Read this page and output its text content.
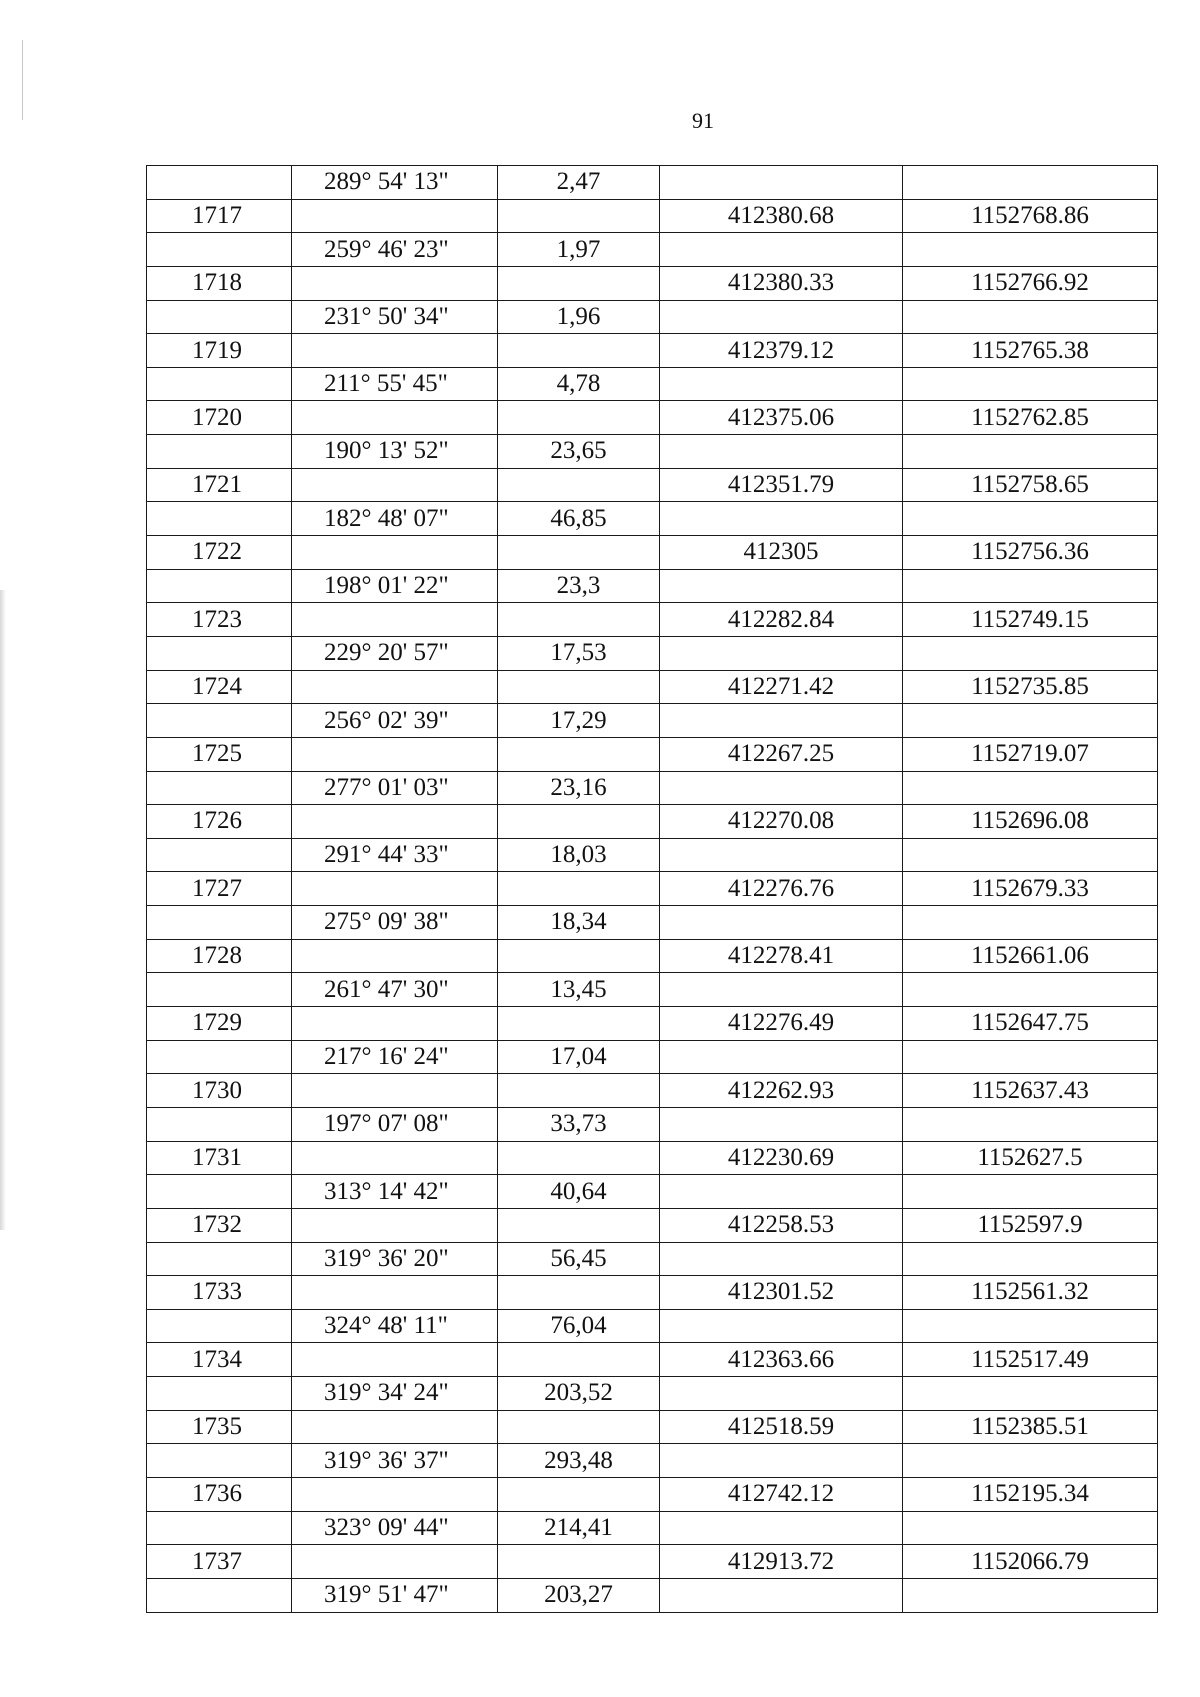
91
	289° 54' 13"	2,47		
1717			412380.68	1152768.86
	259° 46' 23"	1,97		
1718			412380.33	1152766.92
	231° 50' 34"	1,96		
1719			412379.12	1152765.38
	211° 55' 45"	4,78		
1720			412375.06	1152762.85
	190° 13' 52"	23,65		
1721			412351.79	1152758.65
	182° 48' 07"	46,85		
1722			412305	1152756.36
	198° 01' 22"	23,3		
1723			412282.84	1152749.15
	229° 20' 57"	17,53		
1724			412271.42	1152735.85
	256° 02' 39"	17,29		
1725			412267.25	1152719.07
	277° 01' 03"	23,16		
1726			412270.08	1152696.08
	291° 44' 33"	18,03		
1727			412276.76	1152679.33
	275° 09' 38"	18,34		
1728			412278.41	1152661.06
	261° 47' 30"	13,45		
1729			412276.49	1152647.75
	217° 16' 24"	17,04		
1730			412262.93	1152637.43
	197° 07' 08"	33,73		
1731			412230.69	1152627.5
	313° 14' 42"	40,64		
1732			412258.53	1152597.9
	319° 36' 20"	56,45		
1733			412301.52	1152561.32
	324° 48' 11"	76,04		
1734			412363.66	1152517.49
	319° 34' 24"	203,52		
1735			412518.59	1152385.51
	319° 36' 37"	293,48		
1736			412742.12	1152195.34
	323° 09' 44"	214,41		
1737			412913.72	1152066.79
	319° 51' 47"	203,27		
